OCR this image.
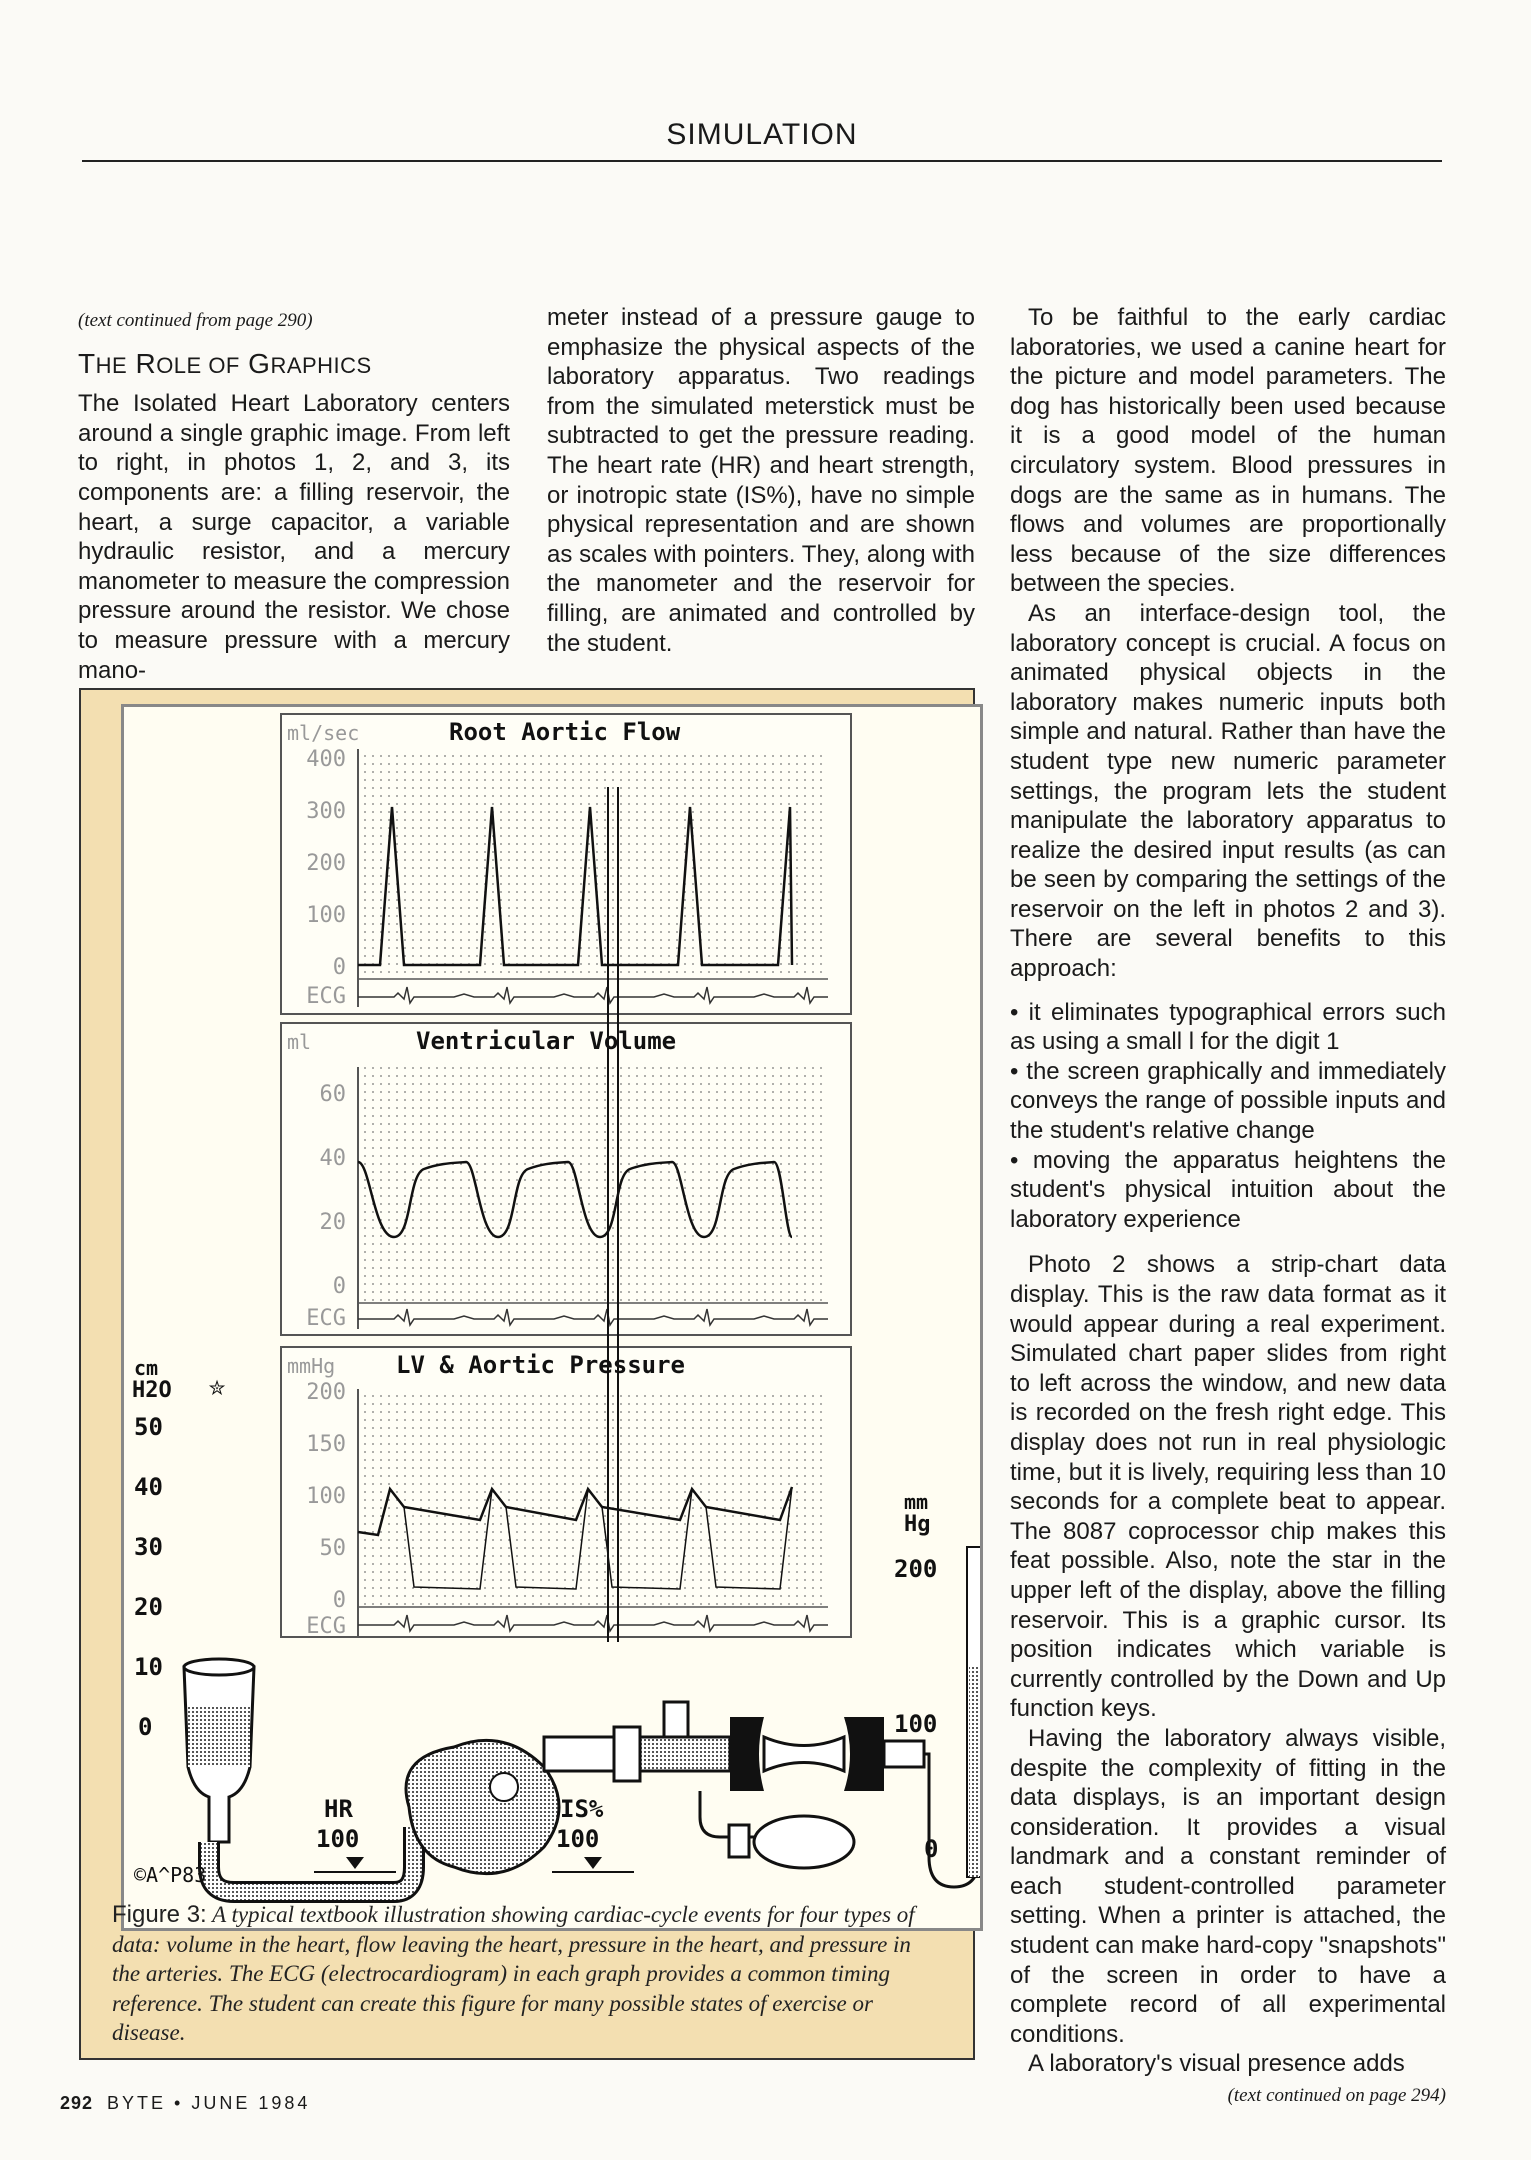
SIMULATION
(text continued from page 290)
THE ROLE OF GRAPHICS

The Isolated Heart Laboratory centers around a single graphic image. From left to right, in photos 1, 2, and 3, its components are: a filling reservoir, the heart, a surge capacitor, a variable hydraulic resistor, and a mercury manometer to measure the compression pressure around the resistor. We chose to measure pressure with a mercury mano-

meter instead of a pressure gauge to emphasize the physical aspects of the laboratory apparatus. Two readings from the simulated meterstick must be subtracted to get the pressure reading. The heart rate (HR) and heart strength, or inotropic state (IS%), have no simple physical representation and are shown as scales with pointers. They, along with the manometer and the reservoir for filling, are animated and controlled by the student.

To be faithful to the early cardiac laboratories, we used a canine heart for the picture and model parameters. The dog has historically been used because it is a good model of the human circulatory system. Blood pressures in dogs are the same as in humans. The flows and volumes are proportionally less because of the size differences between the species.

As an interface-design tool, the laboratory concept is crucial. A focus on animated physical objects in the laboratory makes numeric inputs both simple and natural. Rather than have the student type new numeric parameter settings, the program lets the student manipulate the laboratory apparatus to realize the desired input results (as can be seen by comparing the settings of the reservoir on the left in photos 2 and 3). There are several benefits to this approach:

• it eliminates typographical errors such as using a small l for the digit 1
• the screen graphically and immediately conveys the range of possible inputs and the student's relative change
• moving the apparatus heightens the student's physical intuition about the laboratory experience

Photo 2 shows a strip-chart data display. This is the raw data format as it would appear during a real experiment. Simulated chart paper slides from right to left across the window, and new data is recorded on the fresh right edge. This display does not run in real physiologic time, but it is lively, requiring less than 10 seconds for a complete beat to appear. The 8087 coprocessor chip makes this feat possible. Also, note the star in the upper left of the display, above the filling reservoir. This is a graphic cursor. Its position indicates which variable is currently controlled by the Down and Up function keys.

Having the laboratory always visible, despite the complexity of fitting in the data displays, is an important design consideration. It provides a visual landmark and a constant reminder of each student-controlled parameter setting. When a printer is attached, the student can make hard-copy "snapshots" of the screen in order to have a complete record of all experimental conditions.

A laboratory's visual presence adds

(text continued on page 294)
ml/sec	Root Aortic Flow
400
300
200
100
0
ECG
ml	Ventricular Volume
60
40
20
0
ECG
mmHg	LV & Aortic Pressure
200
150
100
50
0
ECG
cm
H2O ✮
50
40
30
20
10
0
mm
Hg
200
100
0
HR
100
IS%
100
©A^P83
Figure 3: A typical textbook illustration showing cardiac-cycle events for four types of data: volume in the heart, flow leaving the heart, pressure in the heart, and pressure in the arteries. The ECG (electrocardiogram) in each graph provides a common timing reference. The student can create this figure for many possible states of exercise or disease.
292 BYTE • JUNE 1984
